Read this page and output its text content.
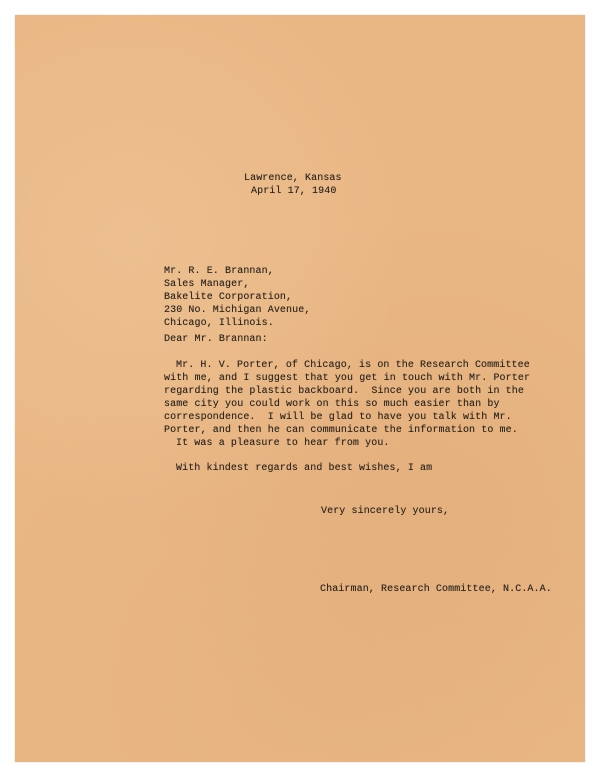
Lawrence, Kansas
April 17, 1940
Mr. R. E. Brannan,
Sales Manager,
Bakelite Corporation,
230 No. Michigan Avenue,
Chicago, Illinois.
Dear Mr. Brannan:
Mr. H. V. Porter, of Chicago, is on the Research Committee
with me, and I suggest that you get in touch with Mr. Porter
regarding the plastic backboard.  Since you are both in the
same city you could work on this so much easier than by
correspondence.  I will be glad to have you talk with Mr.
Porter, and then he can communicate the information to me.
It was a pleasure to hear from you.
With kindest regards and best wishes, I am
Very sincerely yours,
Chairman, Research Committee, N.C.A.A.
